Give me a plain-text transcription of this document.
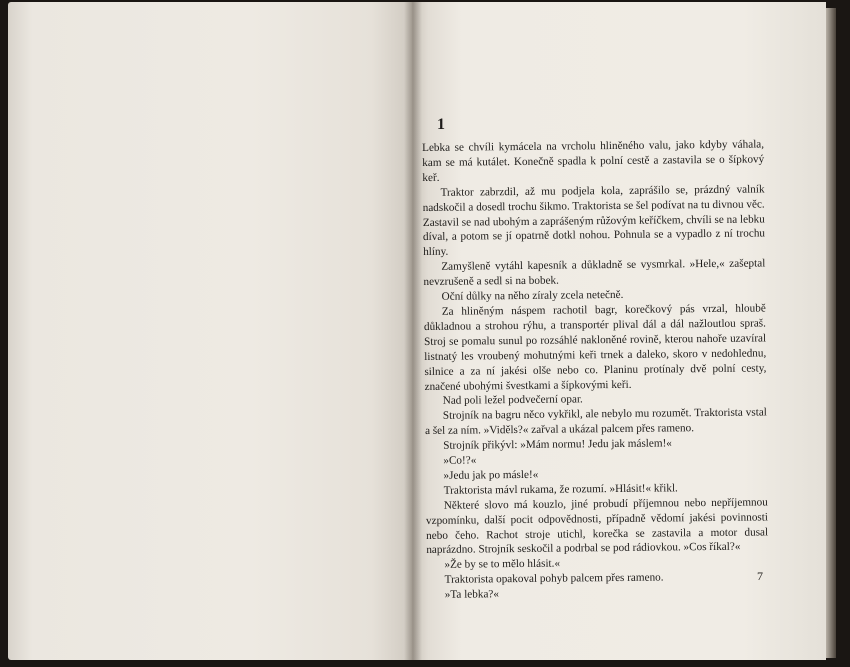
1

Lebka se chvíli kymácela na vrcholu hliněného valu, jako kdyby váhala, kam se má kutálet. Konečně spadla k polní cestě a zastavila se o šípkový keř.

Traktor zabrzdil, až mu podjela kola, zaprášilo se, prázdný valník nadskočil a dosedl trochu šikmo. Traktorista se šel podívat na tu divnou věc. Zastavil se nad ubohým a zaprášeným růžovým keříčkem, chvíli se na lebku díval, a potom se jí opatrně dotkl nohou. Pohnula se a vypadlo z ní trochu hlíny.

Zamyšleně vytáhl kapesník a důkladně se vysmrkal. »Hele,« zašeptal nevzrušeně a sedl si na bobek.

Oční důlky na něho zíraly zcela netečně.

Za hliněným náspem rachotil bagr, korečkový pás vrzal, hloubě důkladnou a strohou rýhu, a transportér plival dál a dál nažloutlou spraš. Stroj se pomalu sunul po rozsáhlé nakloněné rovině, kterou nahoře uzavíral listnatý les vroubený mohutnými keři trnek a daleko, skoro v nedohlednu, silnice a za ní jakési olše nebo co. Planinu protínaly dvě polní cesty, značené ubohými švestkami a šípkovými keři.

Nad poli ležel podvečerní opar.

Strojník na bagru něco vykřikl, ale nebylo mu rozumět. Traktorista vstal a šel za ním. »Viděls?« zařval a ukázal palcem přes rameno.

Strojník přikývl: »Mám normu! Jedu jak máslem!«

»Co!?«

»Jedu jak po másle!«

Traktorista mávl rukama, že rozumí. »Hlásit!« křikl.

Některé slovo má kouzlo, jiné probudí příjemnou nebo nepříjemnou vzpomínku, další pocit odpovědnosti, případně vědomí jakési povinnosti nebo čeho. Rachot stroje utichl, korečka se zastavila a motor dusal naprázdno. Strojník seskočil a podrbal se pod rádiovkou. »Cos říkal?«

»Že by se to mělo hlásit.«

Traktorista opakoval pohyb palcem přes rameno.

»Ta lebka?«

7
